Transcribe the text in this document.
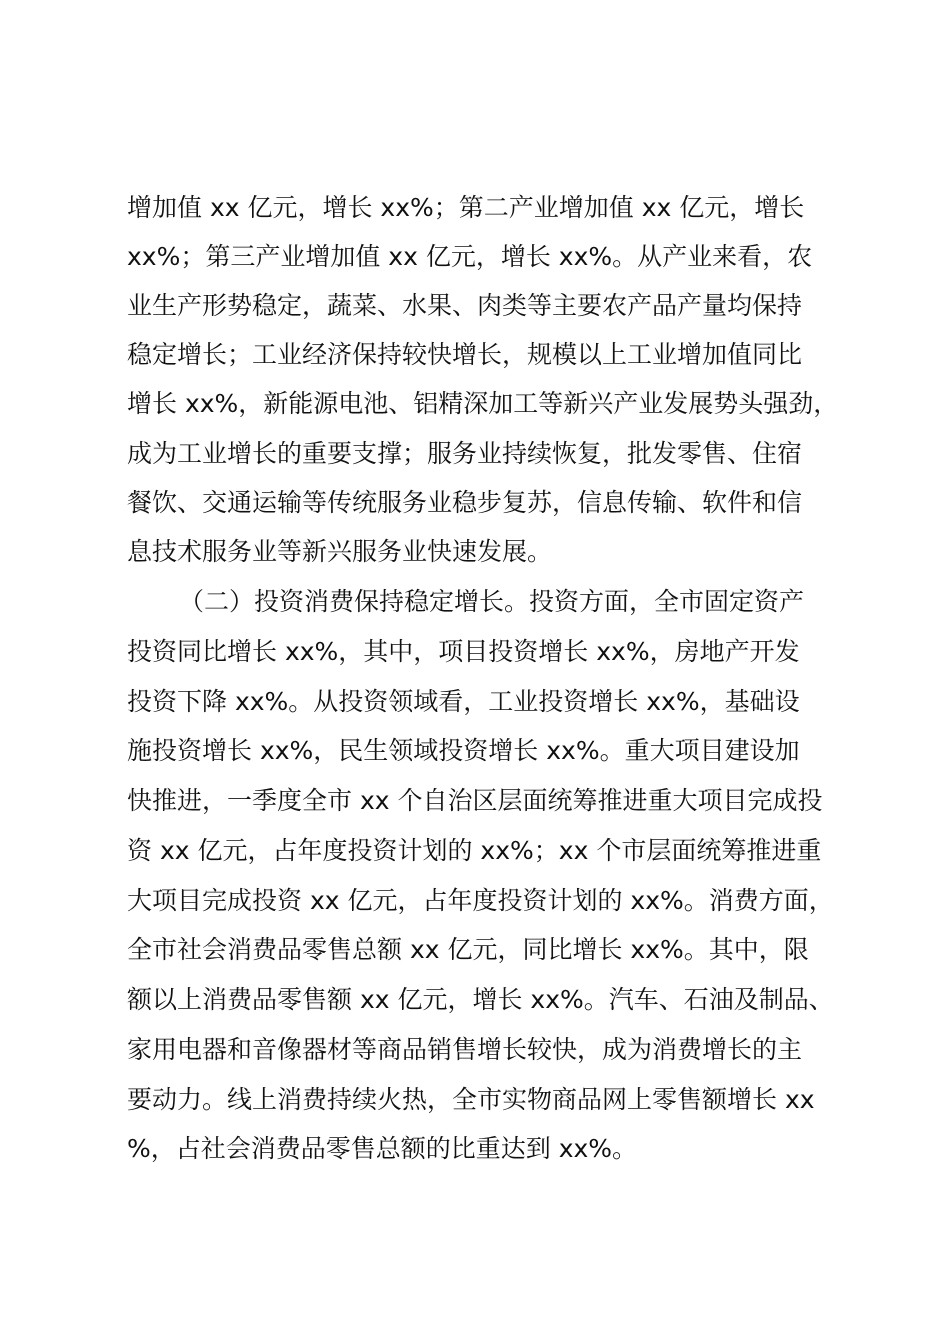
增加值 xx 亿元，增长 xx%；第二产业增加值 xx 亿元，增长
xx%；第三产业增加值 xx 亿元，增长 xx%。从产业来看，农
业生产形势稳定，蔬菜、水果、肉类等主要农产品产量均保持
稳定增长；工业经济保持较快增长，规模以上工业增加值同比
增长 xx%，新能源电池、铝精深加工等新兴产业发展势头强劲，
成为工业增长的重要支撑；服务业持续恢复，批发零售、住宿
餐饮、交通运输等传统服务业稳步复苏，信息传输、软件和信
息技术服务业等新兴服务业快速发展。
（二）投资消费保持稳定增长。投资方面，全市固定资产
投资同比增长 xx%，其中，项目投资增长 xx%，房地产开发
投资下降 xx%。从投资领域看，工业投资增长 xx%，基础设
施投资增长 xx%，民生领域投资增长 xx%。重大项目建设加
快推进，一季度全市 xx 个自治区层面统筹推进重大项目完成投
资 xx 亿元，占年度投资计划的 xx%；xx 个市层面统筹推进重
大项目完成投资 xx 亿元，占年度投资计划的 xx%。消费方面，
全市社会消费品零售总额 xx 亿元，同比增长 xx%。其中，限
额以上消费品零售额 xx 亿元，增长 xx%。汽车、石油及制品、
家用电器和音像器材等商品销售增长较快，成为消费增长的主
要动力。线上消费持续火热，全市实物商品网上零售额增长 xx
%，占社会消费品零售总额的比重达到 xx%。
